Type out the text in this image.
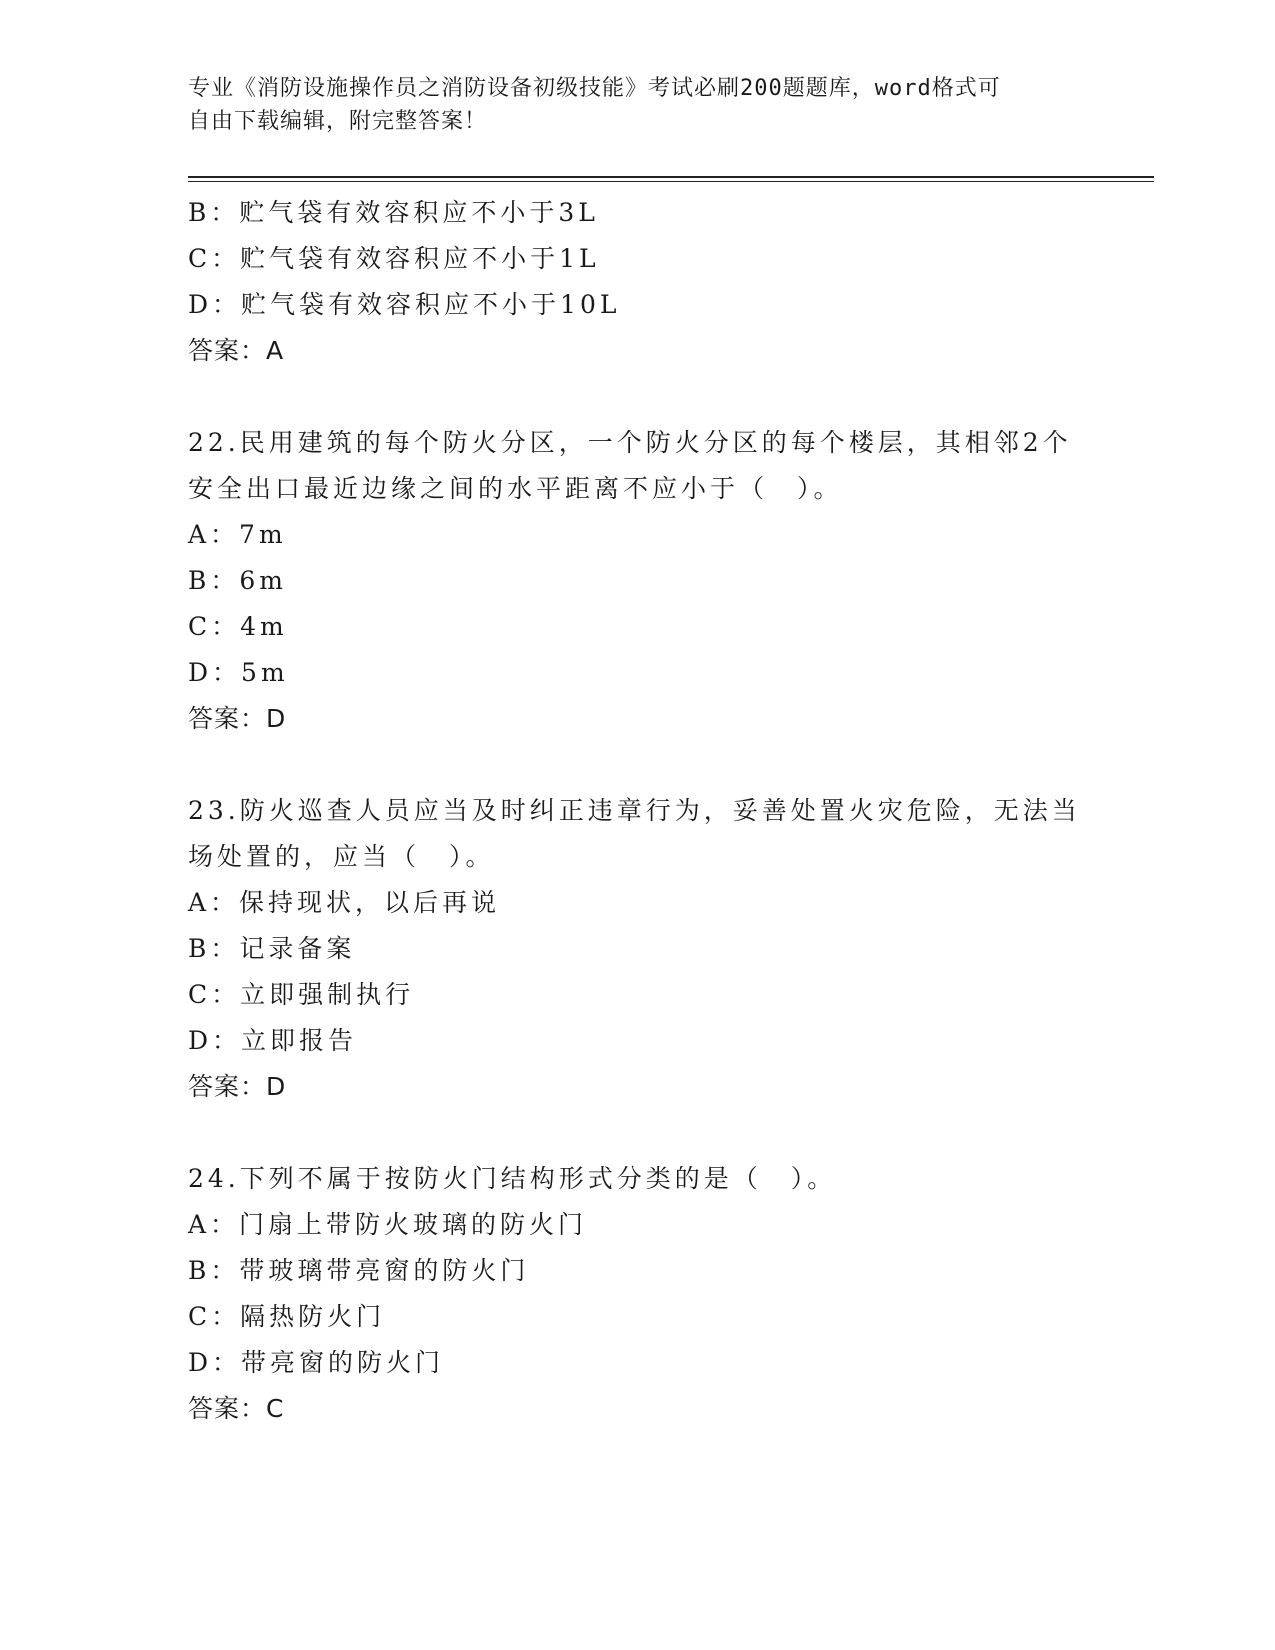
专业《消防设施操作员之消防设备初级技能》考试必刷200题题库，word格式可
自由下载编辑，附完整答案！
B：贮气袋有效容积应不小于3L
C：贮气袋有效容积应不小于1L
D：贮气袋有效容积应不小于10L
答案：A
22.民用建筑的每个防火分区，一个防火分区的每个楼层，其相邻2个
安全出口最近边缘之间的水平距离不应小于（　）。
A：7m
B：6m
C：4m
D：5m
答案：D
23.防火巡查人员应当及时纠正违章行为，妥善处置火灾危险，无法当
场处置的，应当（　）。
A：保持现状，以后再说
B：记录备案
C：立即强制执行
D：立即报告
答案：D
24.下列不属于按防火门结构形式分类的是（　）。
A：门扇上带防火玻璃的防火门
B：带玻璃带亮窗的防火门
C：隔热防火门
D：带亮窗的防火门
答案：C
